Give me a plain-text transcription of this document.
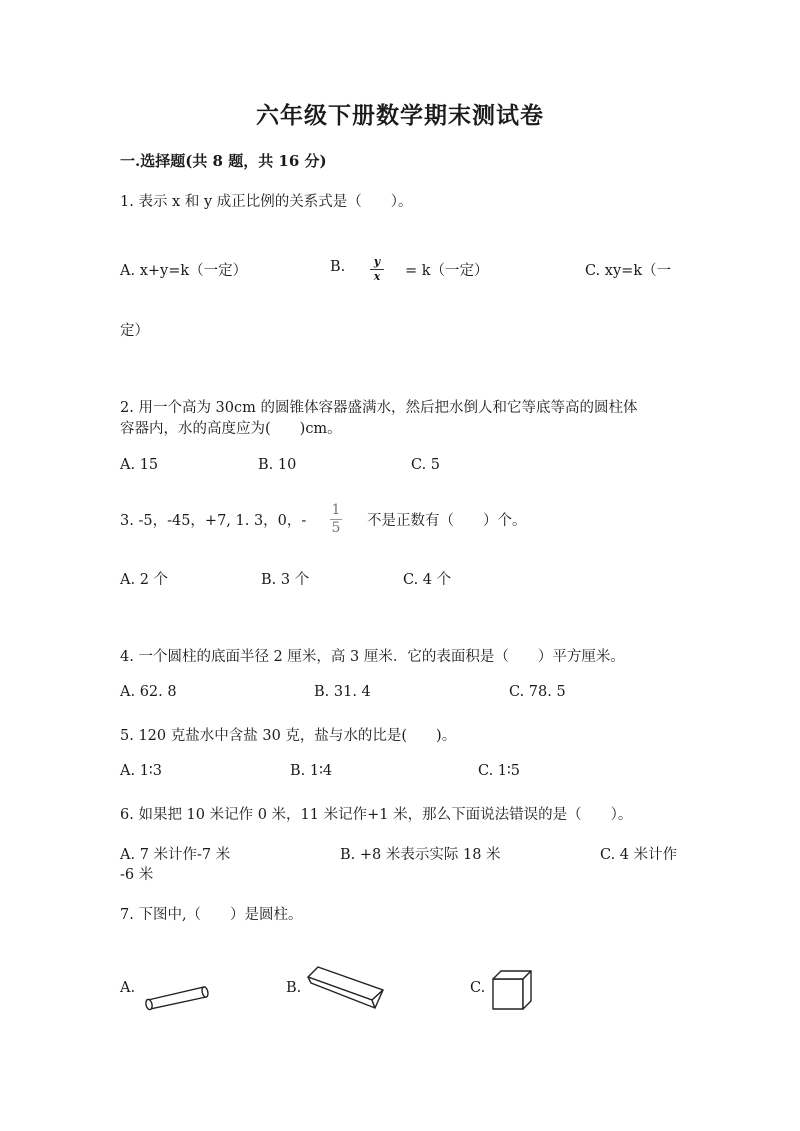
六年级下册数学期末测试卷
一.选择题(共 8 题，共 16 分)
1. 表示 x 和 y 成正比例的关系式是（　　）。
A. x+y=k（一定）	B.	y
x = k（一定）	C. xy=k（一
定）
2. 用一个高为 30cm 的圆锥体容器盛满水，然后把水倒人和它等底等高的圆柱体
容器内，水的高度应为(　　)cm。
A. 15	B. 10	C. 5
3. -5，-45，+7, 1. 3，0，-
1
5 不是正数有（　　）个。
A. 2 个	B. 3 个	C. 4 个
4. 一个圆柱的底面半径 2 厘米，高 3 厘米．它的表面积是（　　）平方厘米。
A. 62. 8	B. 31. 4	C. 78. 5
5. 120 克盐水中含盐 30 克，盐与水的比是(　　)。
A. 1∶3	B. 1∶4	C. 1∶5
6. 如果把 10 米记作 0 米，11 米记作+1 米，那么下面说法错误的是（　　）。
A. 7 米计作-7 米	B. +8 米表示实际 18 米	C. 4 米计作
-6 米
7. 下图中,（　　）是圆柱。
A.	B.	C.
